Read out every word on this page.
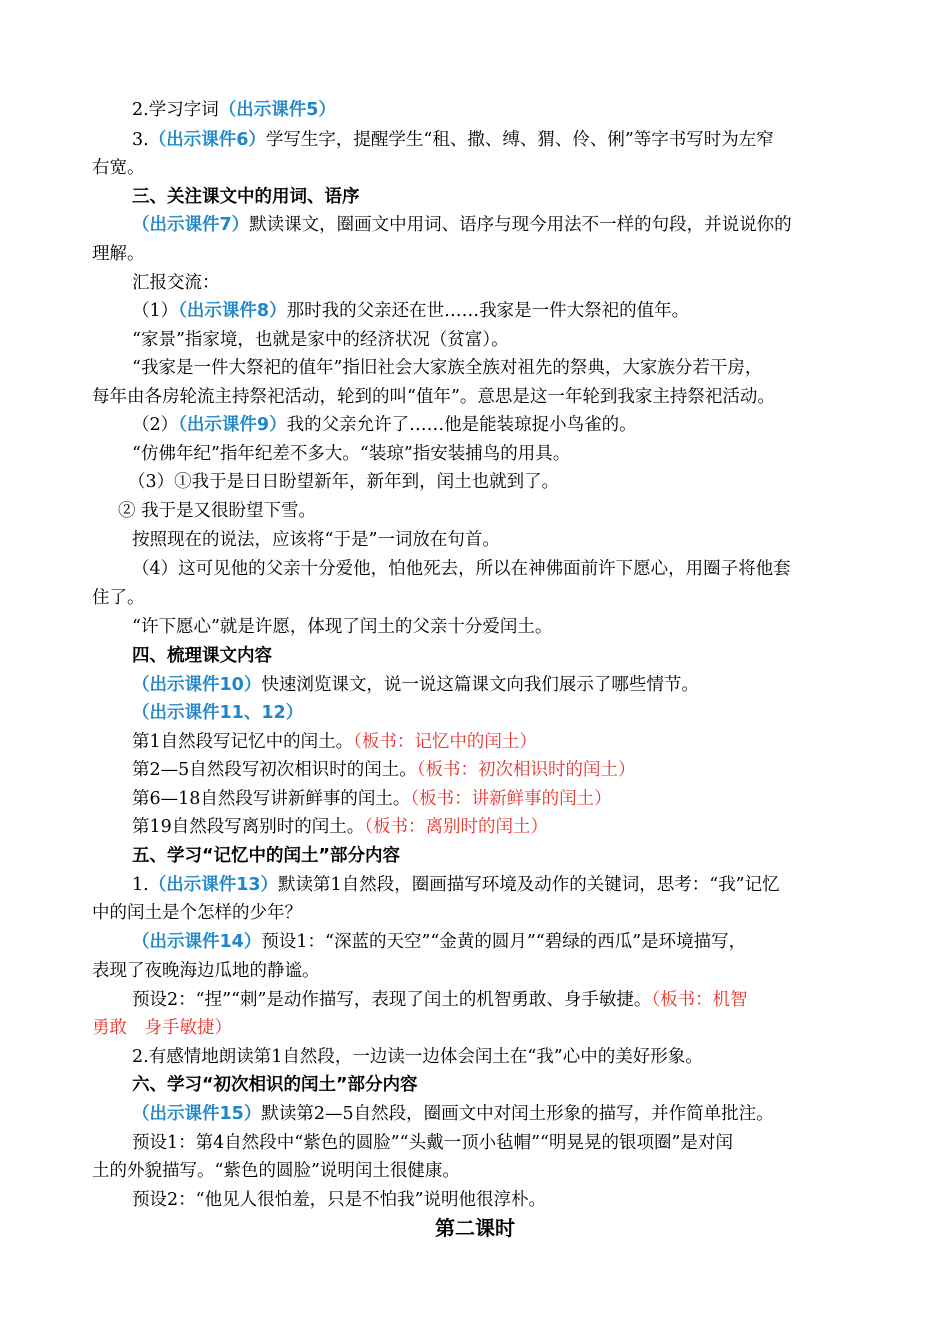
2.学习字词（出示课件5）
3.（出示课件6）学写生字，提醒学生“租、撒、缚、猬、伶、俐”等字书写时为左窄
右宽。
三、关注课文中的用词、语序
（出示课件7）默读课文，圈画文中用词、语序与现今用法不一样的句段，并说说你的
理解。
汇报交流：
（1）（出示课件8）那时我的父亲还在世……我家是一件大祭祀的值年。
“家景”指家境，也就是家中的经济状况（贫富）。
“我家是一件大祭祀的值年”指旧社会大家族全族对祖先的祭典，大家族分若干房，
每年由各房轮流主持祭祀活动，轮到的叫“值年”。意思是这一年轮到我家主持祭祀活动。
（2）（出示课件9）我的父亲允许了……他是能装琼捉小鸟雀的。
“仿佛年纪”指年纪差不多大。“装琼”指安装捕鸟的用具。
（3）①我于是日日盼望新年，新年到，闰土也就到了。
② 我于是又很盼望下雪。
按照现在的说法，应该将“于是”一词放在句首。
（4）这可见他的父亲十分爱他，怕他死去，所以在神佛面前许下愿心，用圈子将他套
住了。
“许下愿心”就是许愿，体现了闰土的父亲十分爱闰土。
四、梳理课文内容
（出示课件10）快速浏览课文，说一说这篇课文向我们展示了哪些情节。
（出示课件11、12）
第1自然段写记忆中的闰土。（板书：记忆中的闰土）
第2—5自然段写初次相识时的闰土。（板书：初次相识时的闰土）
第6—18自然段写讲新鲜事的闰土。（板书：讲新鲜事的闰土）
第19自然段写离别时的闰土。（板书：离别时的闰土）
五、学习“记忆中的闰土”部分内容
1.（出示课件13）默读第1自然段，圈画描写环境及动作的关键词，思考：“我”记忆
中的闰土是个怎样的少年？
（出示课件14）预设1：“深蓝的天空”“金黄的圆月”“碧绿的西瓜”是环境描写，
表现了夜晚海边瓜地的静谧。
预设2：“捏”“刺”是动作描写，表现了闰土的机智勇敢、身手敏捷。（板书：机智
勇敢　身手敏捷）
2.有感情地朗读第1自然段，一边读一边体会闰土在“我”心中的美好形象。
六、学习“初次相识的闰土”部分内容
（出示课件15）默读第2—5自然段，圈画文中对闰土形象的描写，并作简单批注。
预设1：第4自然段中“紫色的圆脸”“头戴一顶小毡帽”“明晃晃的银项圈”是对闰
土的外貌描写。“紫色的圆脸”说明闰土很健康。
预设2：“他见人很怕羞，只是不怕我”说明他很淳朴。
第二课时
